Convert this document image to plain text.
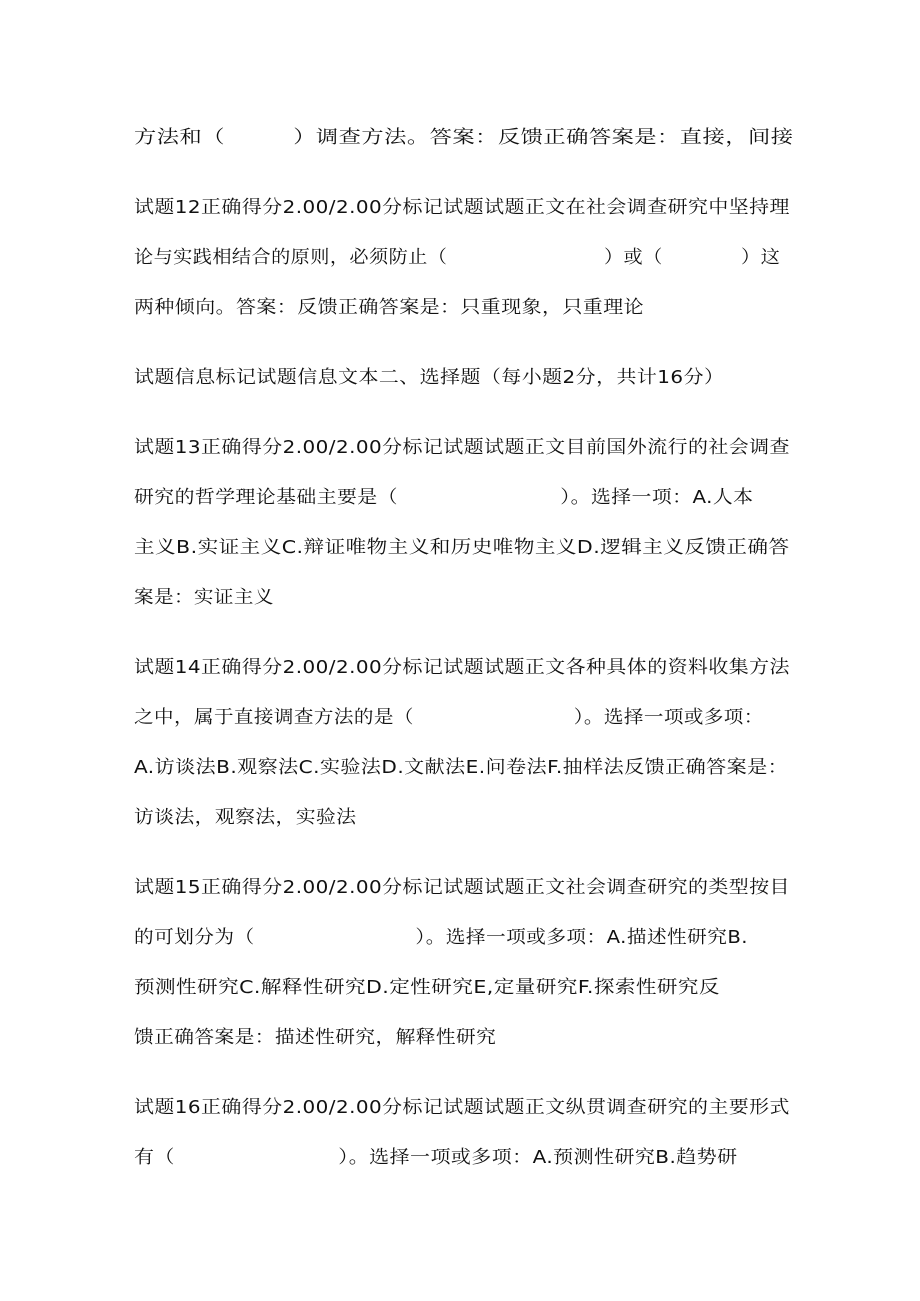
方法和（　　　）调查方法。答案：反馈正确答案是：直接，间接
试题12正确得分2.00/2.00分标记试题试题正文在社会调查研究中坚持理
论与实践相结合的原则，必须防止（　　　　　　　　）或（　　　　）这
两种倾向。答案：反馈正确答案是：只重现象，只重理论
试题信息标记试题信息文本二、选择题（每小题2分，共计16分）
试题13正确得分2.00/2.00分标记试题试题正文目前国外流行的社会调查
研究的哲学理论基础主要是（　　　　　　　　）。选择一项：A.人本
主义B.实证主义C.辩证唯物主义和历史唯物主义D.逻辑主义反馈正确答
案是：实证主义
试题14正确得分2.00/2.00分标记试题试题正文各种具体的资料收集方法
之中，属于直接调查方法的是（　　　　　　　　）。选择一项或多项：
A.访谈法B.观察法C.实验法D.文献法E.问卷法F.抽样法反馈正确答案是：
访谈法，观察法，实验法
试题15正确得分2.00/2.00分标记试题试题正文社会调查研究的类型按目
的可划分为（　　　　　　　　）。选择一项或多项：A.描述性研究B.
预测性研究C.解释性研究D.定性研究E,定量研究F.探索性研究反
馈正确答案是：描述性研究，解释性研究
试题16正确得分2.00/2.00分标记试题试题正文纵贯调查研究的主要形式
有（　　　　　　　　）。选择一项或多项：A.预测性研究B.趋势研
